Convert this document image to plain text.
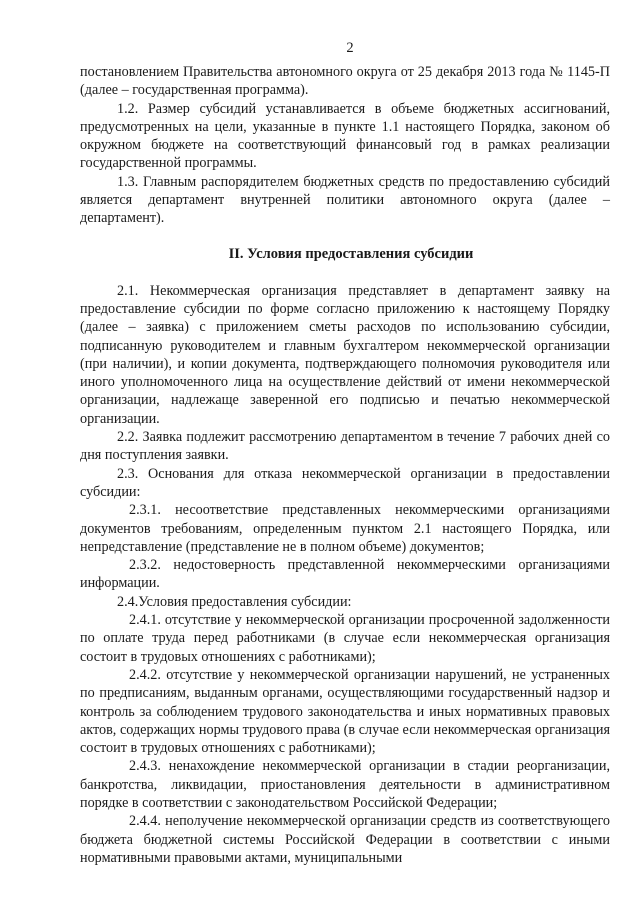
2

постановлением Правительства автономного округа от 25 декабря 2013 года № 1145-П (далее – государственная программа).

1.2. Размер субсидий устанавливается в объеме бюджетных ассигнований, предусмотренных на цели, указанные в пункте 1.1 настоящего Порядка, законом об окружном бюджете на соответствующий финансовый год в рамках реализации государственной программы.

1.3. Главным распорядителем бюджетных средств по предоставлению субсидий является департамент внутренней политики автономного округа (далее – департамент).

II. Условия предоставления субсидии

2.1. Некоммерческая организация представляет в департамент заявку на предоставление субсидии по форме согласно приложению к настоящему Порядку (далее – заявка) с приложением сметы расходов по использованию субсидии, подписанную руководителем и главным бухгалтером некоммерческой организации (при наличии), и копии документа, подтверждающего полномочия руководителя или иного уполномоченного лица на осуществление действий от имени некоммерческой организации, надлежаще заверенной его подписью и печатью некоммерческой организации.

2.2. Заявка подлежит рассмотрению департаментом в течение 7 рабочих дней со дня поступления заявки.

2.3. Основания для отказа некоммерческой организации в предоставлении субсидии:

2.3.1. несоответствие представленных некоммерческими организациями документов требованиям, определенным пунктом 2.1 настоящего Порядка, или непредставление (представление не в полном объеме) документов;

2.3.2. недостоверность представленной некоммерческими организациями информации.

2.4.Условия предоставления субсидии:

2.4.1. отсутствие у некоммерческой организации просроченной задолженности по оплате труда перед работниками (в случае если некоммерческая организация состоит в трудовых отношениях с работниками);

2.4.2. отсутствие у некоммерческой организации нарушений, не устраненных по предписаниям, выданным органами, осуществляющими государственный надзор и контроль за соблюдением трудового законодательства и иных нормативных правовых актов, содержащих нормы трудового права (в случае если некоммерческая организация состоит в трудовых отношениях с работниками);

2.4.3. ненахождение некоммерческой организации в стадии реорганизации, банкротства, ликвидации, приостановления деятельности в административном порядке в соответствии с законодательством Российской Федерации;

2.4.4. неполучение некоммерческой организации средств из соответствующего бюджета бюджетной системы Российской Федерации в соответствии с иными нормативными правовыми актами, муниципальными
